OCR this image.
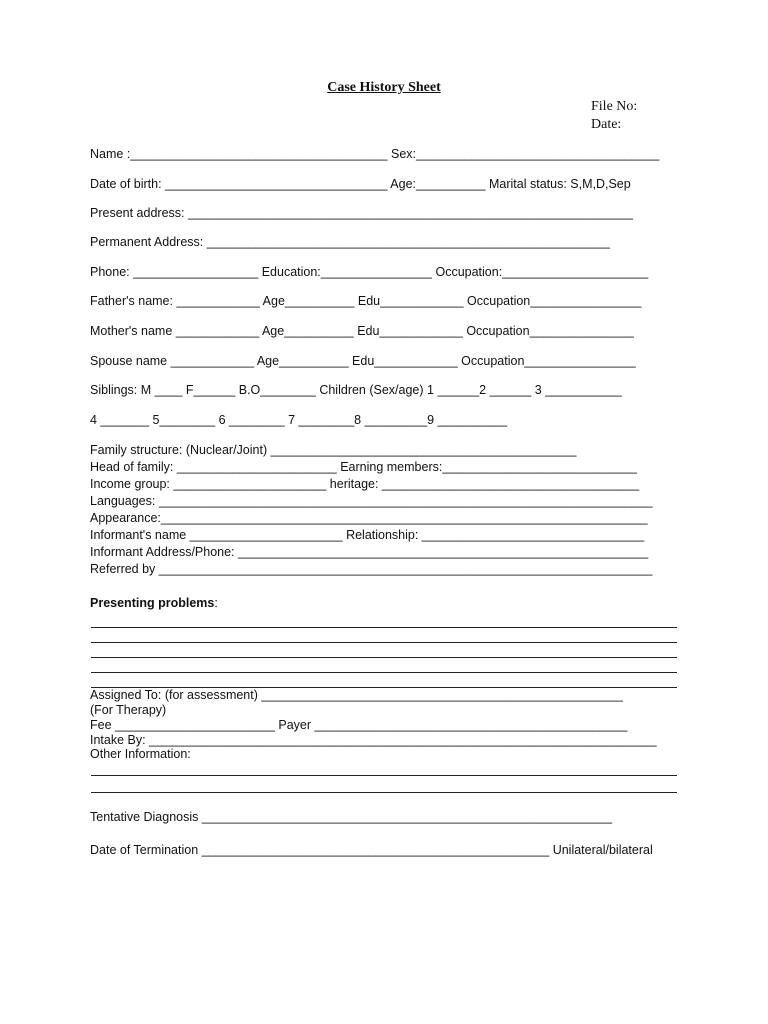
Case History Sheet
File No:
Date:
Name :_____________________________________ Sex:___________________________________
Date of birth: ________________________________ Age:__________ Marital status: S,M,D,Sep
Present address: ________________________________________________________________
Permanent Address: __________________________________________________________
Phone: __________________ Education:________________ Occupation:_____________________
Father's name: ____________ Age__________ Edu____________ Occupation________________
Mother's name ____________ Age__________ Edu____________ Occupation_______________
Spouse name ____________ Age__________ Edu____________ Occupation________________
Siblings: M ____ F______ B.O________ Children (Sex/age) 1 ______2 ______ 3 ___________
4 _______ 5________ 6 ________ 7 ________8 _________9 __________
Family structure: (Nuclear/Joint) ____________________________________________
Head of family: _______________________ Earning members:____________________________
Income group: ______________________ heritage: _____________________________________
Languages: _______________________________________________________________________
Appearance:______________________________________________________________________
Informant's name ______________________ Relationship: ________________________________
Informant Address/Phone: ___________________________________________________________
Referred by _______________________________________________________________________
Presenting problems:
Assigned To: (for assessment) ____________________________________________________
(For Therapy)
Fee _______________________ Payer _____________________________________________
Intake By: _________________________________________________________________________
Other Information:
Tentative Diagnosis ___________________________________________________________
Date of Termination __________________________________________________ Unilateral/bilateral
